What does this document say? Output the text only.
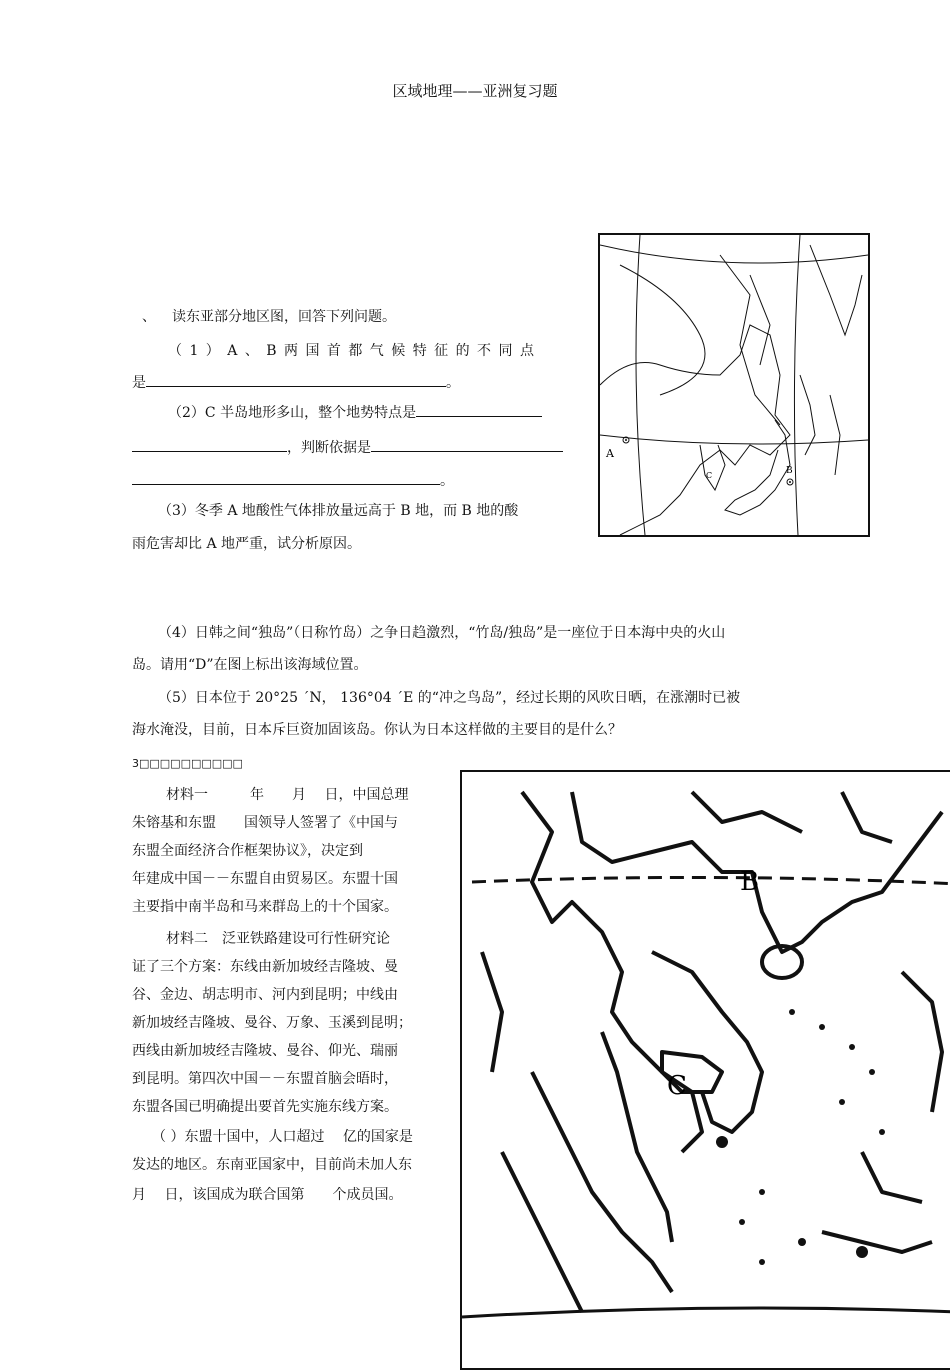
区域地理——亚洲复习题
、 读东亚部分地区图，回答下列问题。
（ 1 ） A 、 B 两 国 首 都 气 候 特 征 的 不 同 点
是	。
（2）C 半岛地形多山，整个地势特点是
，判断依据是
。
（3）冬季 A 地酸性气体排放量远高于 B 地，而 B 地的酸
雨危害却比 A 地严重，试分析原因。
（4）日韩之间“独岛”（日称竹岛）之争日趋激烈，“竹岛/独岛”是一座位于日本海中央的火山
岛。请用“D”在图上标出该海域位置。
（5）日本位于 20°25 ´N， 136°04 ´E 的“冲之鸟岛”，经过长期的风吹日晒，在涨潮时已被
海水淹没，目前，日本斥巨资加固该岛。你认为日本这样做的主要目的是什么？
A
B
C
3□□□□□□□□□□
材料一　　　年　　月　 日，中国总理
朱镕基和东盟　　国领导人签署了《中国与
东盟全面经济合作框架协议》，决定到
年建成中国－－东盟自由贸易区。东盟十国
主要指中南半岛和马来群岛上的十个国家。
材料二　泛亚铁路建设可行性研究论
证了三个方案：东线由新加坡经吉隆坡、曼
谷、金边、胡志明市、河内到昆明；中线由
新加坡经吉隆坡、曼谷、万象、玉溪到昆明；
西线由新加坡经吉隆坡、曼谷、仰光、瑞丽
到昆明。第四次中国－－东盟首脑会晤时，
东盟各国已明确提出要首先实施东线方案。
（ ）东盟十国中，人口超过　 亿的国家是
发达的地区。东南亚国家中，目前尚未加人东
月　 日，该国成为联合国第　　个成员国。
B
C
